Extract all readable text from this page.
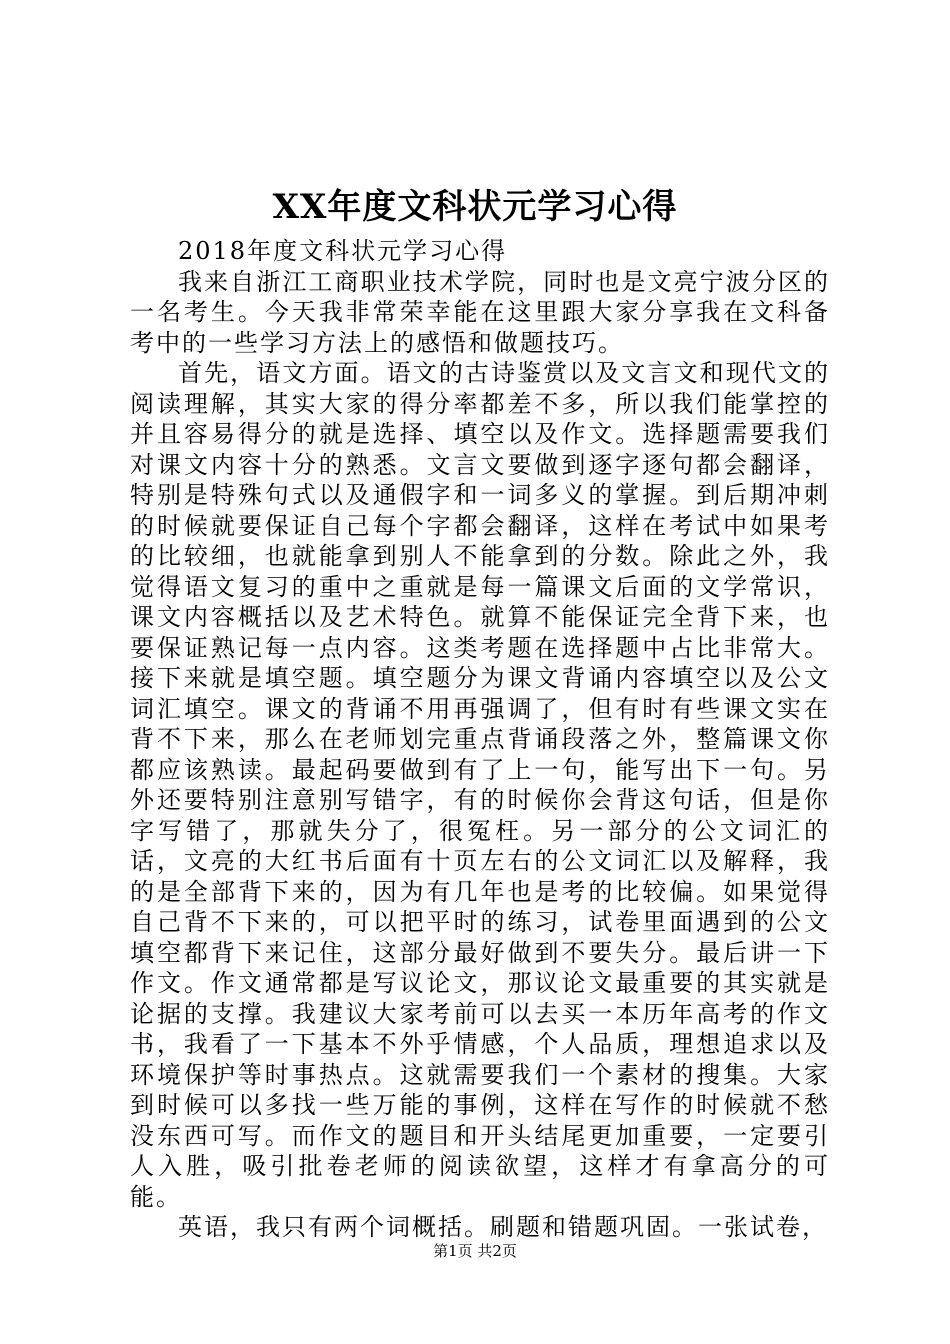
XX年度文科状元学习心得

2018年度文科状元学习心得

我来自浙江工商职业技术学院，同时也是文亮宁波分区的一名考生。今天我非常荣幸能在这里跟大家分享我在文科备考中的一些学习方法上的感悟和做题技巧。

首先，语文方面。语文的古诗鉴赏以及文言文和现代文的阅读理解，其实大家的得分率都差不多，所以我们能掌控的并且容易得分的就是选择、填空以及作文。选择题需要我们对课文内容十分的熟悉。文言文要做到逐字逐句都会翻译，特别是特殊句式以及通假字和一词多义的掌握。到后期冲刺的时候就要保证自己每个字都会翻译，这样在考试中如果考的比较细，也就能拿到别人不能拿到的分数。除此之外，我觉得语文复习的重中之重就是每一篇课文后面的文学常识，课文内容概括以及艺术特色。就算不能保证完全背下来，也要保证熟记每一点内容。这类考题在选择题中占比非常大。接下来就是填空题。填空题分为课文背诵内容填空以及公文词汇填空。课文的背诵不用再强调了，但有时有些课文实在背不下来，那么在老师划完重点背诵段落之外，整篇课文你都应该熟读。最起码要做到有了上一句，能写出下一句。另外还要特别注意别写错字，有的时候你会背这句话，但是你字写错了，那就失分了，很冤枉。另一部分的公文词汇的话，文亮的大红书后面有十页左右的公文词汇以及解释，我的是全部背下来的，因为有几年也是考的比较偏。如果觉得自己背不下来的，可以把平时的练习，试卷里面遇到的公文填空都背下来记住，这部分最好做到不要失分。最后讲一下作文。作文通常都是写议论文，那议论文最重要的其实就是论据的支撑。我建议大家考前可以去买一本历年高考的作文书，我看了一下基本不外乎情感，个人品质，理想追求以及环境保护等时事热点。这就需要我们一个素材的搜集。大家到时候可以多找一些万能的事例，这样在写作的时候就不愁没东西可写。而作文的题目和开头结尾更加重要，一定要引人入胜，吸引批卷老师的阅读欲望，这样才有拿高分的可能。

英语，我只有两个词概括。刷题和错题巩固。一张试卷，

第1页 共2页
